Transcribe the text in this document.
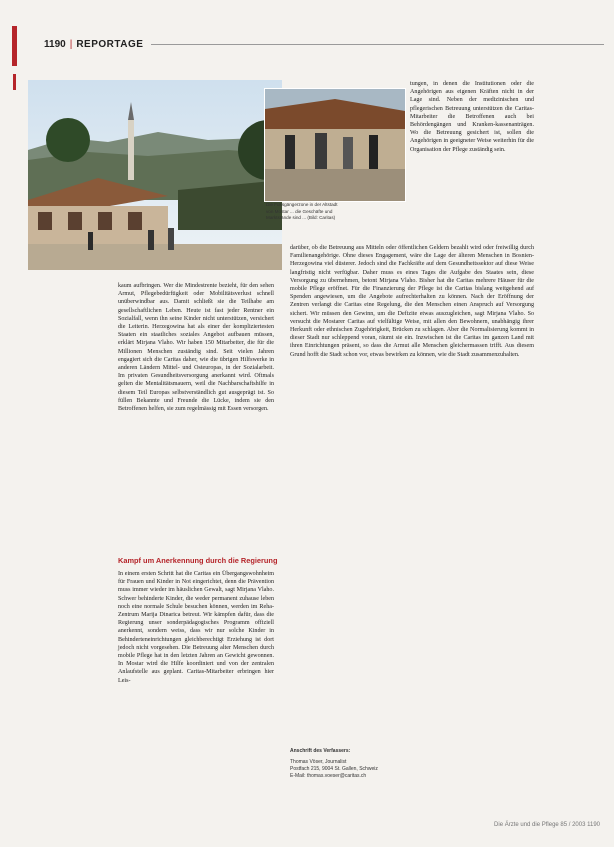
1190 | REPORTAGE
Die Fussgängerzone in der Altstadt von Mostar ... die Geschäfte und Marktstände sind ... (Bild: Caritas)

tungen, in denen die Institutionen oder die Angehörigen aus eigenen Kräften nicht in der Lage sind. Neben der medizinischen und pflegerischen Betreuung unterstützen die Caritas-Mitarbeiter die Betroffenen auch bei Behördengängen und Kranken-kassenanträgen. Wo die Betreuung gesichert ist, sollen die Angehörigen in geeigneter Weise weiterhin für die Organisation der Pflege zuständig sein.

darüber, ob die Betreuung aus Mitteln oder öffentlichen Geldern bezahlt wird oder freiwillig durch Familienangehörige. Ohne dieses Engagement, wäre die Lage der älteren Menschen in Bosnien-Herzegowina viel düsterer. Jedoch sind die Fachkräfte auf dem Gesundheitssektor auf diese Weise langfristig nicht verfügbar. Daher muss es eines Tages die Aufgabe des Staates sein, diese Versorgung zu übernehmen, betont Mirjana Vlaho. Bisher hat die Caritas mehrere Häuser für die mobile Pflege eröffnet. Für die Finanzierung der Pflege ist die Caritas bislang weitgehend auf Spenden angewiesen, um die Angebote aufrechterhalten zu können. Nach der Eröffnung der Zentren verlangt die Caritas eine Regelung, die den Menschen einen Anspruch auf Versorgung sichert. Wir müssen den Gewinn, um die Defizite etwas auszugleichen, sagt Mirjana Vlaho. So versucht die Mostarer Caritas auf vielfältige Weise, mit allen den Bewohnern, unabhängig ihrer Herkunft oder ethnischen Zugehörigkeit, Brücken zu schlagen. Aber die Normalisierung kommt in dieser Stadt nur schleppend voran, räumt sie ein. Inzwischen ist die Caritas im ganzen Land mit ihren Einrichtungen präsent, so dass die Armut alle Menschen gleichermassen trifft. Aus diesem Grund hofft die Stadt schon vor, etwas bewirken zu können, wie die Stadt zusammenzuhalten.

kaum aufbringen. Wer die Mindestrente bezieht, für den sehen Armut, Pflegebedürftigkeit oder Mobilitätsverlust schnell unüberwindbar aus. Damit schließt sie die Teilhabe am gesellschaftlichen Leben. Heute ist fast jeder Rentner ein Sozialfall, wenn ihn seine Kinder nicht unterstützen, versichert die Leiterin. Herzegowina hat als einer der kompliziertesten Staaten ein staatliches soziales Angebot aufbauen müssen, erklärt Mirjana Vlaho. Wir haben 150 Mitarbeiter, die für die Millionen Menschen zuständig sind. Seit vielen Jahren engagiert sich die Caritas daher, wie die übrigen Hilfswerke in anderen Ländern Mittel- und Osteuropas, in der Sozialarbeit. Im privaten Gesundheitsversorgung anerkannt wird. Oftmals gelten die Mentalitätsmauern, weil die Nachbarschaftshilfe in diesem Teil Europas selbstverständlich gut ausgeprägt ist. So füllen Bekannte und Freunde die Lücke, indem sie den Betroffenen helfen, sie zum regelmässig mit Essen versorgen.

Kampf um Anerkennung durch die Regierung

In einem ersten Schritt hat die Caritas ein Übergangswohnheim für Frauen und Kinder in Not eingerichtet, denn die Prävention muss immer wieder im häuslichen Gewalt, sagt Mirjana Vlaho. Schwer behinderte Kinder, die weder permanent zuhause leben noch eine normale Schule besuchen können, werden im Reha-Zentrum Marija Dinarica betreut. Wir kämpfen dafür, dass die Regierung unser sonderpädagogisches Programm offiziell anerkennt, sondern weiss, dass wir nur solche Kinder in Behinderteneinrichtungen gleichberechtigt Erziehung ist dort jedoch nicht vorgesehen. Die Betreuung alter Menschen durch mobile Pflege hat in den letzten Jahren an Gewicht gewonnen. In Mostar wird die Hilfe koordiniert und von der zentralen Anlaufstelle aus geplant. Caritas-Mitarbeiter erbringen hier Leis-

Anschrift des Verfassers:
Thomas Vöser, Journalist
Postfach 215, 9004 St. Gallen, Schweiz
E-Mail: thomas.voeser@caritas.ch
Die Ärzte und die Pflege 85 / 2003 1190
